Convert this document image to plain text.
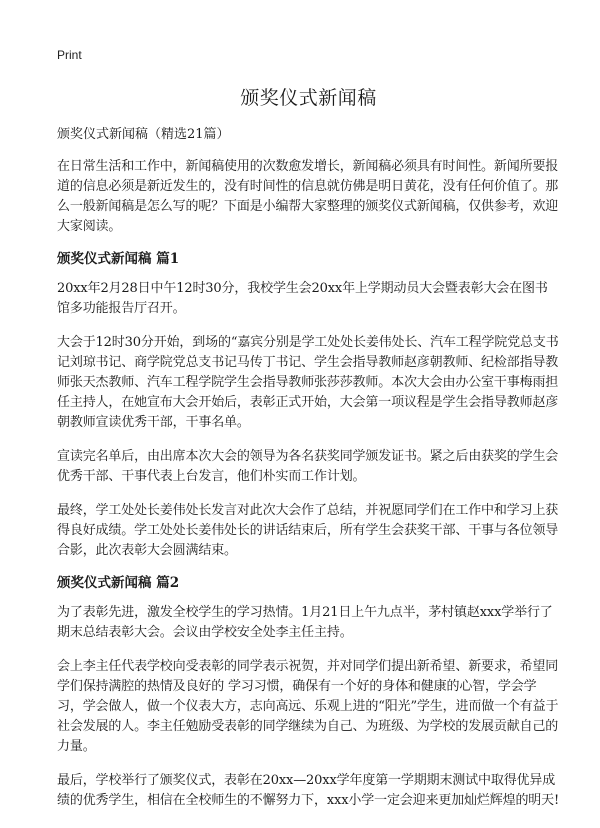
Print
颁奖仪式新闻稿

颁奖仪式新闻稿（精选21篇）

在日常生活和工作中，新闻稿使用的次数愈发增长，新闻稿必须具有时间性。新闻所要报道的信息必须是新近发生的，没有时间性的信息就仿佛是明日黄花，没有任何价值了。那么一般新闻稿是怎么写的呢？下面是小编帮大家整理的颁奖仪式新闻稿，仅供参考，欢迎大家阅读。

颁奖仪式新闻稿 篇1

20xx年2月28日中午12时30分，我校学生会20xx年上学期动员大会暨表彰大会在图书馆多功能报告厅召开。

大会于12时30分开始，到场的“嘉宾分别是学工处处长姜伟处长、汽车工程学院党总支书记刘琼书记、商学院党总支书记马传丁书记、学生会指导教师赵彦朝教师、纪检部指导教师张天杰教师、汽车工程学院学生会指导教师张莎莎教师。本次大会由办公室干事梅雨担任主持人，在她宣布大会开始后，表彰正式开始，大会第一项议程是学生会指导教师赵彦朝教师宣读优秀干部，干事名单。

宣读完名单后，由出席本次大会的领导为各名获奖同学颁发证书。紧之后由获奖的学生会优秀干部、干事代表上台发言，他们朴实而工作计划。

最终，学工处处长姜伟处长发言对此次大会作了总结，并祝愿同学们在工作中和学习上获得良好成绩。学工处处长姜伟处长的讲话结束后，所有学生会获奖干部、干事与各位领导合影，此次表彰大会圆满结束。

颁奖仪式新闻稿 篇2

为了表彰先进，激发全校学生的学习热情。1月21日上午九点半，茅村镇赵xxx学举行了期末总结表彰大会。会议由学校安全处李主任主持。

会上李主任代表学校向受表彰的同学表示祝贺，并对同学们提出新希望、新要求，希望同学们保持满腔的热情及良好的 学习习惯，确保有一个好的身体和健康的心智，学会学习，学会做人，做一个仪表大方，志向高远、乐观上进的“阳光”学生，进而做一个有益于社会发展的人。李主任勉励受表彰的同学继续为自己、为班级、为学校的发展贡献自己的力量。

最后，学校举行了颁奖仪式，表彰在20xx—20xx学年度第一学期期末测试中取得优异成绩的优秀学生，相信在全校师生的不懈努力下，xxx小学一定会迎来更加灿烂辉煌的明天!
